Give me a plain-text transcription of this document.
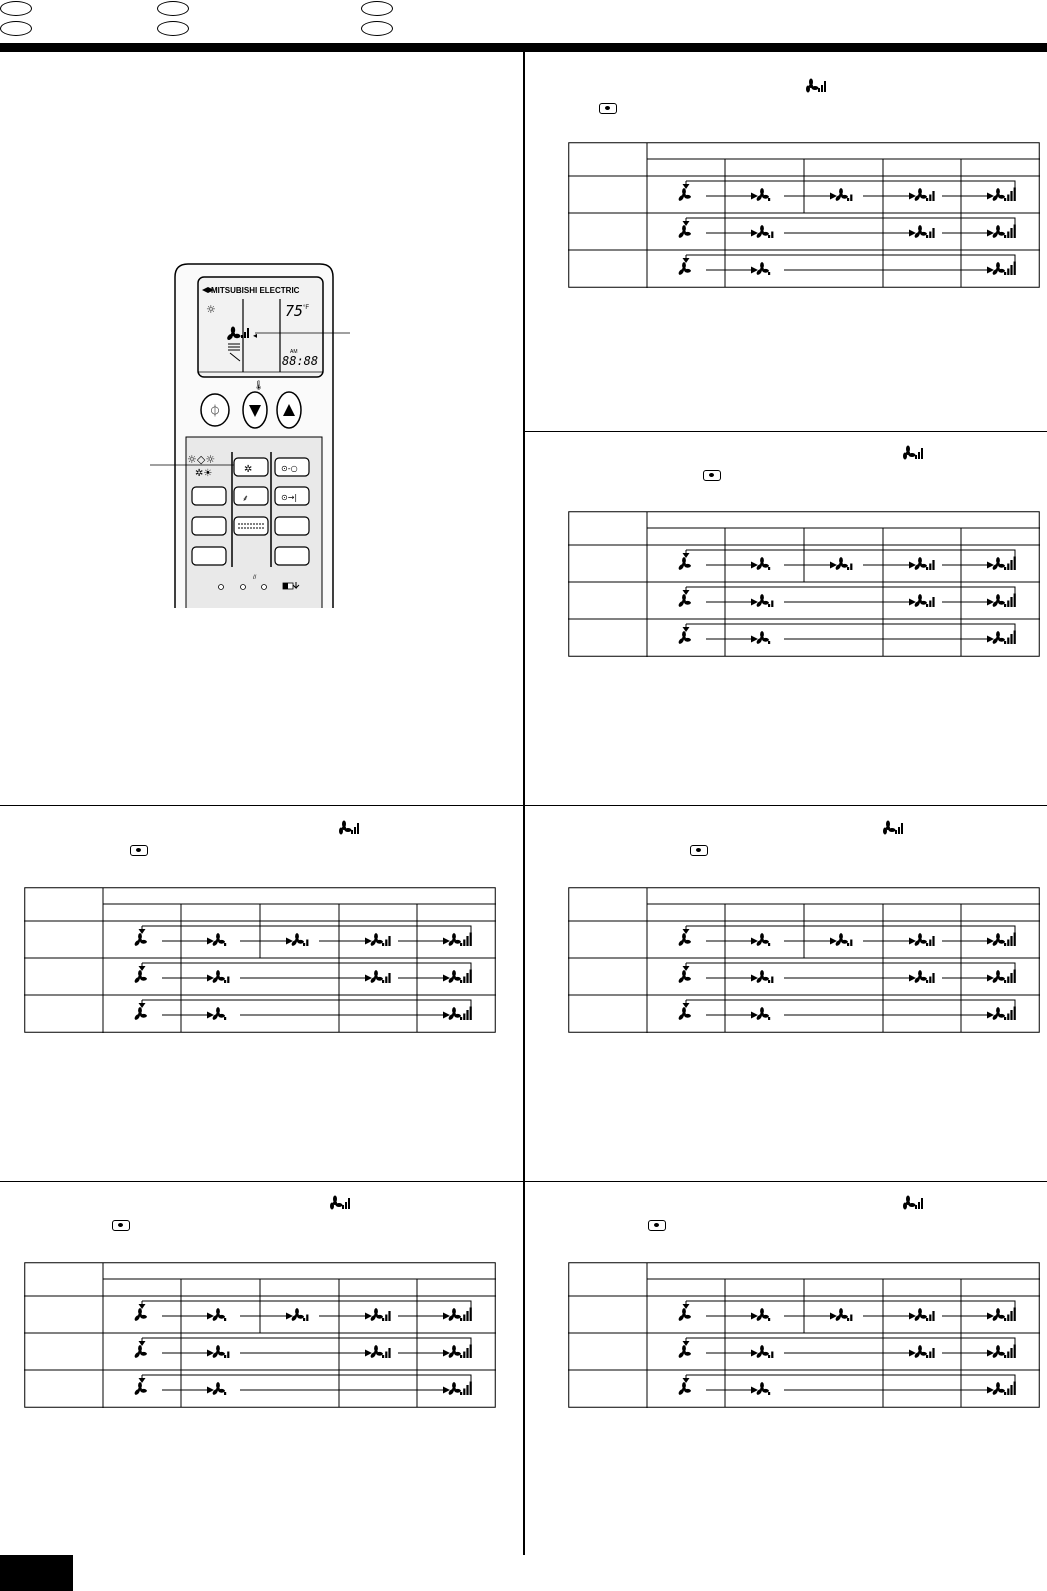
MITSUBISHI ELECTRIC
☼	75 °F
◂
AM
88:88
🌡
⏀
☼◇☼
✲☀	✲
⸙
⊙-○
⊙→|
//
